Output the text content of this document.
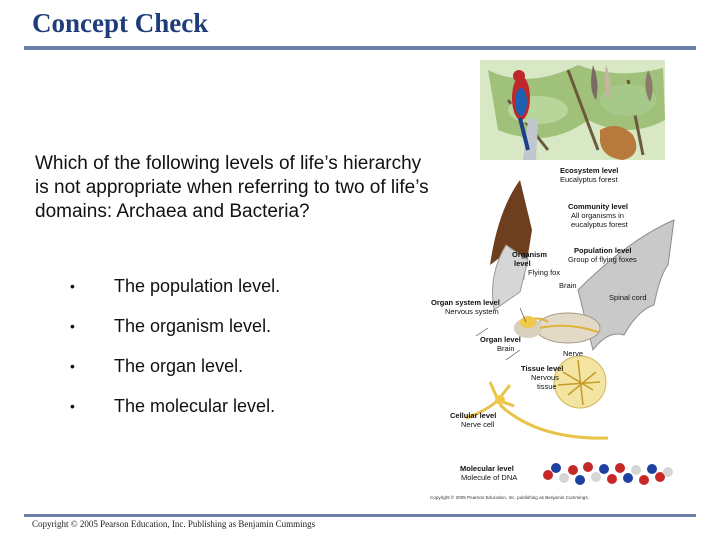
Concept Check
Which of the following levels of life’s hierarchy is not appropriate when referring to two of life’s domains: Archaea and Bacteria?
•	The population level.
•	The organism level.
•	The organ level.
•	The molecular level.
Ecosystem level
Eucalyptus forest
Community level
All organisms in
eucalyptus forest
Organism
level
Flying fox
Population level
Group of flying foxes
Brain
Spinal cord
Organ system level
Nervous system
Organ level
Brain
Nerve
Tissue level
Nervous
tissue
Cellular level
Nerve cell
Molecular level
Molecule of DNA
Copyright © 2005 Pearson Education, Inc. publishing as Benjamin Cummings.
Copyright © 2005 Pearson Education, Inc. Publishing as Benjamin Cummings
